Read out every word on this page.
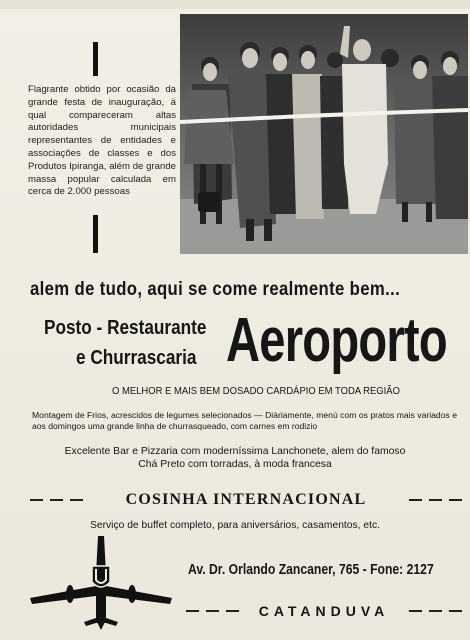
Flagrante obtido por ocasião da grande festa de inauguração, à qual compareceram altas autoridades municipais representantes de entidades e associações de classes e dos Produtos Ipiranga, além de grande massa popular calculada em cerca de 2.000 pessoas
alem de tudo, aqui se come realmente bem...
Posto - Restaurante
e Churrascaria Aeroporto
O MELHOR E MAIS BEM DOSADO CARDÁPIO EM TODA REGIÃO
Montagem de Frios, acrescidos de legumes selecionados — Diàriamente, menú com os pratos mais variados e aos domingos uma grande linha de churrasqueado, com carnes em rodizio
Excelente Bar e Pizzaria com moderníssima Lanchonete, alem do famoso
Chá Preto com torradas, à moda francesa
COSINHA INTERNACIONAL
Serviço de buffet completo, para aniversários, casamentos, etc.
Av. Dr. Orlando Zancaner, 765 - Fone: 2127
CATANDUVA
